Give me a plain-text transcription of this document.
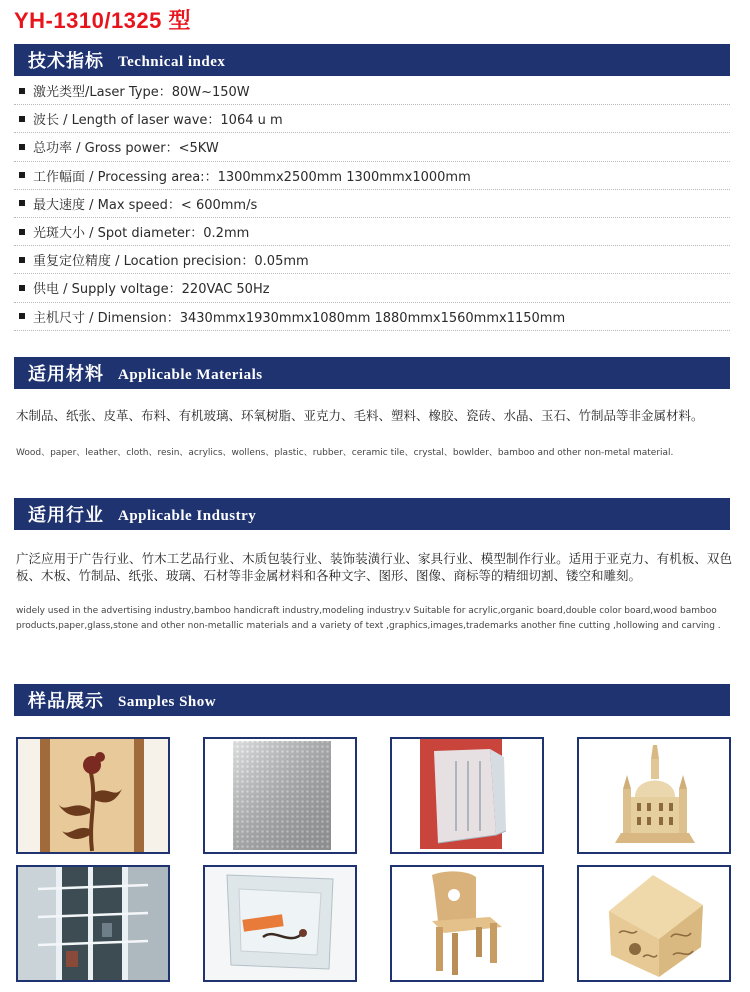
YH-1310/1325 型
技术指标 Technical index
激光类型/Laser Type：80W~150W
波长 / Length of laser wave：1064 u m
总功率 / Gross power：<5KW
工作幅面 / Processing area:：1300mmx2500mm 1300mmx1000mm
最大速度 / Max speed：< 600mm/s
光斑大小 / Spot diameter：0.2mm
重复定位精度 / Location precision：0.05mm
供电 / Supply voltage：220VAC 50Hz
主机尺寸 / Dimension：3430mmx1930mmx1080mm 1880mmx1560mmx1150mm
适用材料 Applicable Materials
木制品、纸张、皮革、布料、有机玻璃、环氧树脂、亚克力、毛料、塑料、橡胶、瓷砖、水晶、玉石、竹制品等非金属材料。
Wood、paper、leather、cloth、resin、acrylics、wollens、plastic、rubber、ceramic tile、crystal、bowlder、bamboo and other non-metal material.
适用行业 Applicable Industry
广泛应用于广告行业、竹木工艺品行业、木质包装行业、装饰装潢行业、家具行业、模型制作行业。适用于亚克力、有机板、双色板、木板、竹制品、纸张、玻璃、石材等非金属材料和各种文字、图形、图像、商标等的精细切割、镂空和雕刻。
widely used in the advertising industry,bamboo handicraft industry,modeling industry.v Suitable for acrylic,organic board,double color board,wood bamboo products,paper,glass,stone and other non-metallic materials and a variety of text ,graphics,images,trademarks another fine cutting ,hollowing and carving .
样品展示 Samples Show
